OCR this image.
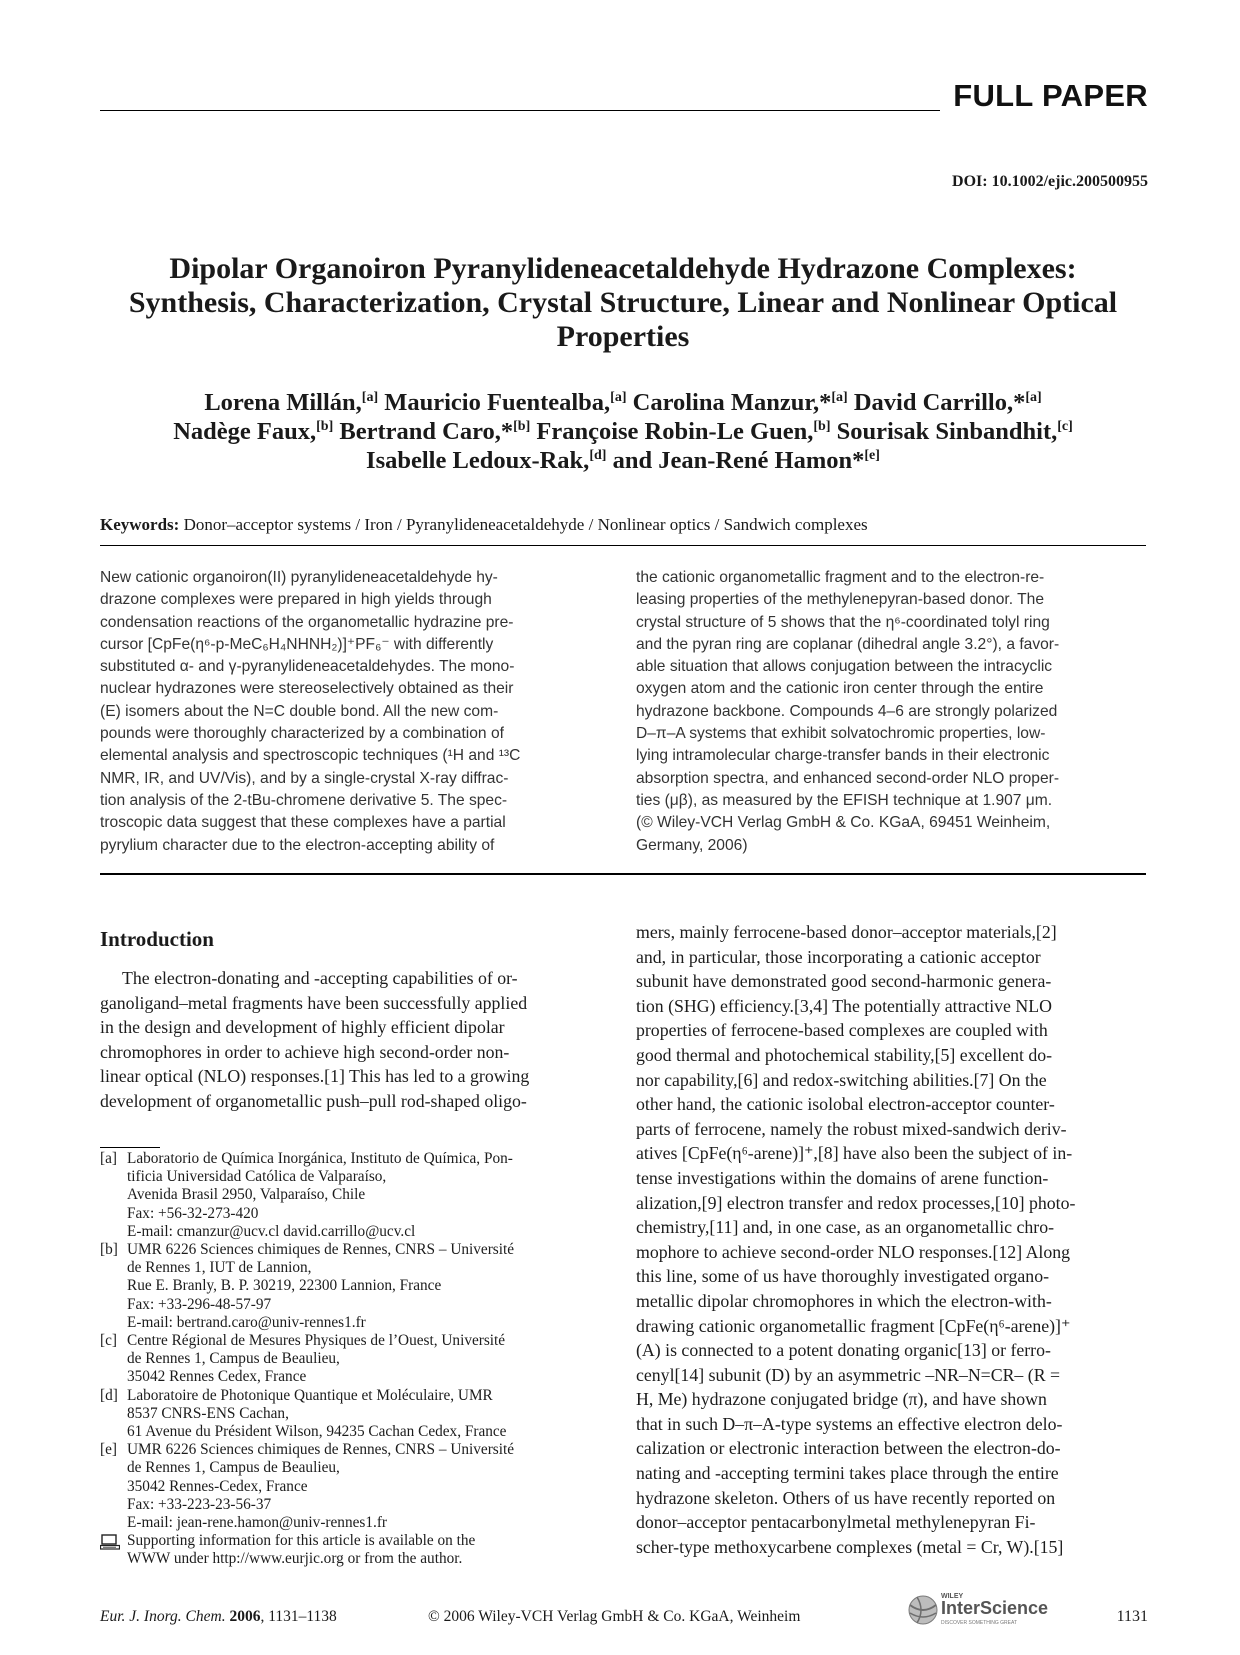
FULL PAPER
DOI: 10.1002/ejic.200500955
Dipolar Organoiron Pyranylideneacetaldehyde Hydrazone Complexes:
Synthesis, Characterization, Crystal Structure, Linear and Nonlinear Optical
Properties
Lorena Millán,[a] Mauricio Fuentealba,[a] Carolina Manzur,*[a] David Carrillo,*[a]
Nadège Faux,[b] Bertrand Caro,*[b] Françoise Robin-Le Guen,[b] Sourisak Sinbandhit,[c]
Isabelle Ledoux-Rak,[d] and Jean-René Hamon*[e]
Keywords: Donor–acceptor systems / Iron / Pyranylideneacetaldehyde / Nonlinear optics / Sandwich complexes
New cationic organoiron(II) pyranylideneacetaldehyde hy-
drazone complexes were prepared in high yields through
condensation reactions of the organometallic hydrazine pre-
cursor [CpFe(η⁶-p-MeC₆H₄NHNH₂)]⁺PF₆⁻ with differently
substituted α- and γ-pyranylideneacetaldehydes. The mono-
nuclear hydrazones were stereoselectively obtained as their
(E) isomers about the N=C double bond. All the new com-
pounds were thoroughly characterized by a combination of
elemental analysis and spectroscopic techniques (¹H and ¹³C
NMR, IR, and UV/Vis), and by a single-crystal X-ray diffrac-
tion analysis of the 2-tBu-chromene derivative 5. The spec-
troscopic data suggest that these complexes have a partial
pyrylium character due to the electron-accepting ability of
the cationic organometallic fragment and to the electron-re-
leasing properties of the methylenepyran-based donor. The
crystal structure of 5 shows that the η⁶-coordinated tolyl ring
and the pyran ring are coplanar (dihedral angle 3.2°), a favor-
able situation that allows conjugation between the intracyclic
oxygen atom and the cationic iron center through the entire
hydrazone backbone. Compounds 4–6 are strongly polarized
D–π–A systems that exhibit solvatochromic properties, low-
lying intramolecular charge-transfer bands in their electronic
absorption spectra, and enhanced second-order NLO proper-
ties (μβ), as measured by the EFISH technique at 1.907 μm.
(© Wiley-VCH Verlag GmbH & Co. KGaA, 69451 Weinheim,
Germany, 2006)
Introduction
The electron-donating and -accepting capabilities of or-
ganoligand–metal fragments have been successfully applied
in the design and development of highly efficient dipolar
chromophores in order to achieve high second-order non-
linear optical (NLO) responses.[1] This has led to a growing
development of organometallic push–pull rod-shaped oligo-
mers, mainly ferrocene-based donor–acceptor materials,[2]
and, in particular, those incorporating a cationic acceptor
subunit have demonstrated good second-harmonic genera-
tion (SHG) efficiency.[3,4] The potentially attractive NLO
properties of ferrocene-based complexes are coupled with
good thermal and photochemical stability,[5] excellent do-
nor capability,[6] and redox-switching abilities.[7] On the
other hand, the cationic isolobal electron-acceptor counter-
parts of ferrocene, namely the robust mixed-sandwich deriv-
atives [CpFe(η⁶-arene)]⁺,[8] have also been the subject of in-
tense investigations within the domains of arene function-
alization,[9] electron transfer and redox processes,[10] photo-
chemistry,[11] and, in one case, as an organometallic chro-
mophore to achieve second-order NLO responses.[12] Along
this line, some of us have thoroughly investigated organo-
metallic dipolar chromophores in which the electron-with-
drawing cationic organometallic fragment [CpFe(η⁶-arene)]⁺
(A) is connected to a potent donating organic[13] or ferro-
cenyl[14] subunit (D) by an asymmetric –NR–N=CR– (R =
H, Me) hydrazone conjugated bridge (π), and have shown
that in such D–π–A-type systems an effective electron delo-
calization or electronic interaction between the electron-do-
nating and -accepting termini takes place through the entire
hydrazone skeleton. Others of us have recently reported on
donor–acceptor pentacarbonylmetal methylenepyran Fi-
scher-type methoxycarbene complexes (metal = Cr, W).[15]
[a] Laboratorio de Química Inorgánica, Instituto de Química, Pon-
tificia Universidad Católica de Valparaíso,
Avenida Brasil 2950, Valparaíso, Chile
Fax: +56-32-273-420
E-mail: cmanzur@ucv.cl david.carrillo@ucv.cl
[b] UMR 6226 Sciences chimiques de Rennes, CNRS – Université
de Rennes 1, IUT de Lannion,
Rue E. Branly, B. P. 30219, 22300 Lannion, France
Fax: +33-296-48-57-97
E-mail: bertrand.caro@univ-rennes1.fr
[c] Centre Régional de Mesures Physiques de l’Ouest, Université
de Rennes 1, Campus de Beaulieu,
35042 Rennes Cedex, France
[d] Laboratoire de Photonique Quantique et Moléculaire, UMR
8537 CNRS-ENS Cachan,
61 Avenue du Président Wilson, 94235 Cachan Cedex, France
[e] UMR 6226 Sciences chimiques de Rennes, CNRS – Université
de Rennes 1, Campus de Beaulieu,
35042 Rennes-Cedex, France
Fax: +33-223-23-56-37
E-mail: jean-rene.hamon@univ-rennes1.fr
Supporting information for this article is available on the
WWW under http://www.eurjic.org or from the author.
Eur. J. Inorg. Chem. 2006, 1131–1138	© 2006 Wiley-VCH Verlag GmbH & Co. KGaA, Weinheim
WILEY
InterScience
DISCOVER SOMETHING GREAT	1131
